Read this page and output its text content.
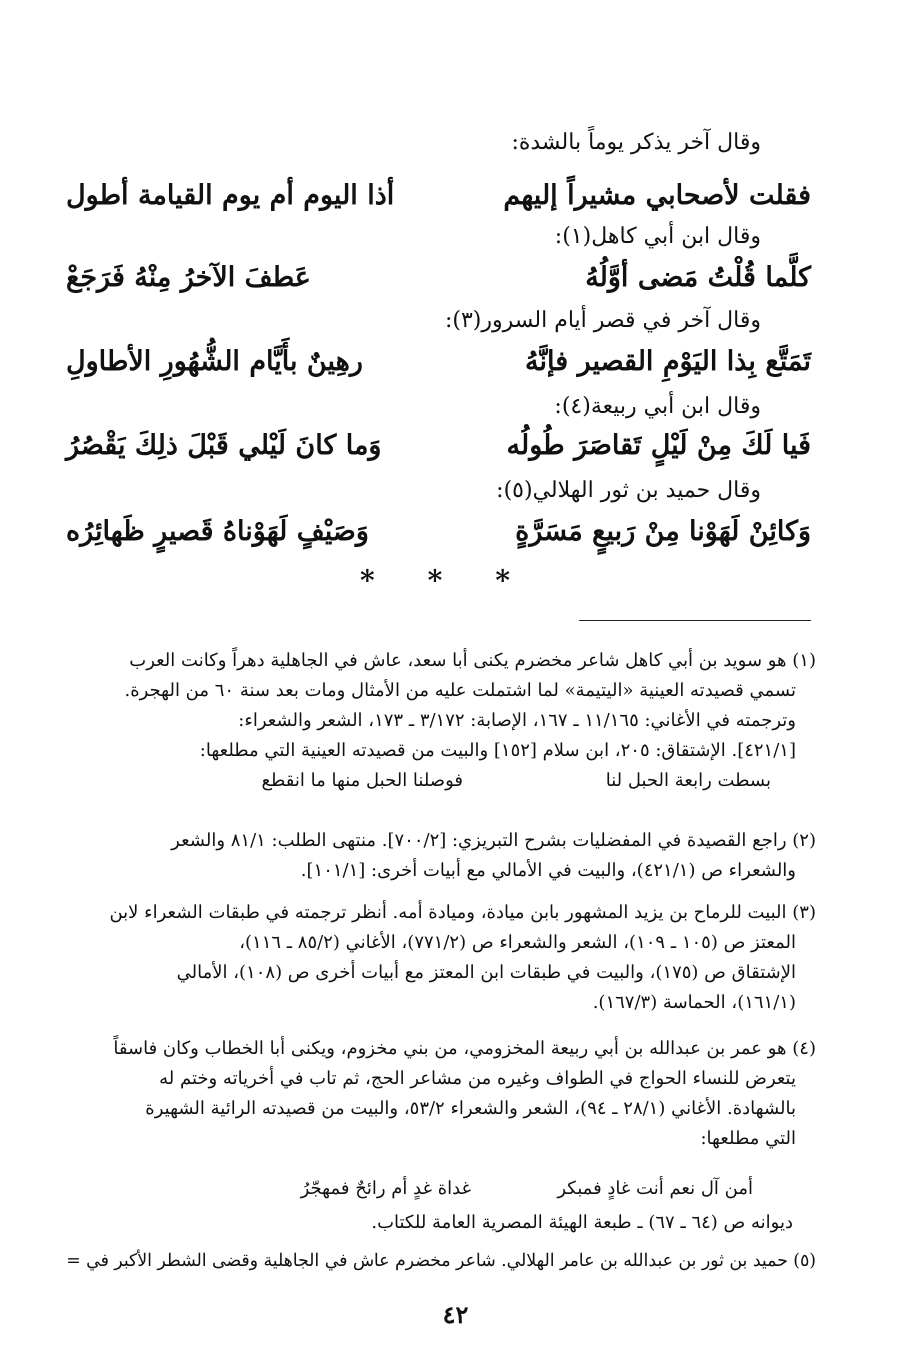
وقال آخر يذكر يوماً بالشدة:
فقلت لأصحابي مشيراً إليهم
أذا اليوم أم يوم القيامة أطول
وقال ابن أبي كاهل(١):
كلَّما قُلْتُ مَضى أوَّلُهُ
عَطفَ الآخرُ مِنْهُ فَرَجَعْ
وقال آخر في قصر أيام السرور(٣):
تَمَتَّع بِذا اليَوْمِ القصير فإنَّهُ
رهِينٌ بأَيَّام الشُّهُورِ الأطاولِ
وقال ابن أبي ربيعة(٤):
فَيا لَكَ مِنْ لَيْلٍ تَقاصَرَ طُولُه
وَما كانَ لَيْلي قَبْلَ ذلِكَ يَقْصُرُ
وقال حميد بن ثور الهلالي(٥):
وَكائِنْ لَهَوْنا مِنْ رَبيعٍ مَسَرَّةٍ
وَصَيْفٍ لَهَوْناهُ قَصيرٍ ظَهائِرُه
* * *
(١) هو سويد بن أبي كاهل شاعر مخضرم يكنى أبا سعد، عاش في الجاهلية دهراً وكانت العرب
تسمي قصيدته العينية «اليتيمة» لما اشتملت عليه من الأمثال ومات بعد سنة ٦٠ من الهجرة.
وترجمته في الأغاني: ١١/١٦٥ ـ ١٦٧، الإصابة: ٣/١٧٢ ـ ١٧٣، الشعر والشعراء:
[٤٢١/١]. الإشتقاق: ٢٠٥، ابن سلام [١٥٢] والبيت من قصيدته العينية التي مطلعها:
بسطت رابعة الحبل لنا
فوصلنا الحبل منها ما انقطع
(٢) راجع القصيدة في المفضليات بشرح التبريزي: [٧٠٠/٢]. منتهى الطلب: ٨١/١ والشعر
والشعراء ص (٤٢١/١)، والبيت في الأمالي مع أبيات أخرى: [١٠١/١].
(٣) البيت للرماح بن يزيد المشهور بابن ميادة، وميادة أمه. أنظر ترجمته في طبقات الشعراء لابن
المعتز ص (١٠٥ ـ ١٠٩)، الشعر والشعراء ص (٧٧١/٢)، الأغاني (٨٥/٢ ـ ١١٦)،
الإشتقاق ص (١٧٥)، والبيت في طبقات ابن المعتز مع أبيات أخرى ص (١٠٨)، الأمالي
(١٦١/١)، الحماسة (١٦٧/٣).
(٤) هو عمر بن عبدالله بن أبي ربيعة المخزومي، من بني مخزوم، ويكنى أبا الخطاب وكان فاسقاً
يتعرض للنساء الحواج في الطواف وغيره من مشاعر الحج، ثم تاب في أخرياته وختم له
بالشهادة. الأغاني (٢٨/١ ـ ٩٤)، الشعر والشعراء ٥٣/٢، والبيت من قصيدته الرائية الشهيرة
التي مطلعها:
أمن آل نعم أنت غادٍ فمبكر
غداة غدٍ أم رائحٌ فمهجّرُ
ديوانه ص (٦٤ ـ ٦٧) ـ طبعة الهيئة المصرية العامة للكتاب.
(٥) حميد بن ثور بن عبدالله بن عامر الهلالي. شاعر مخضرم عاش في الجاهلية وقضى الشطر الأكبر في =
٤٢
